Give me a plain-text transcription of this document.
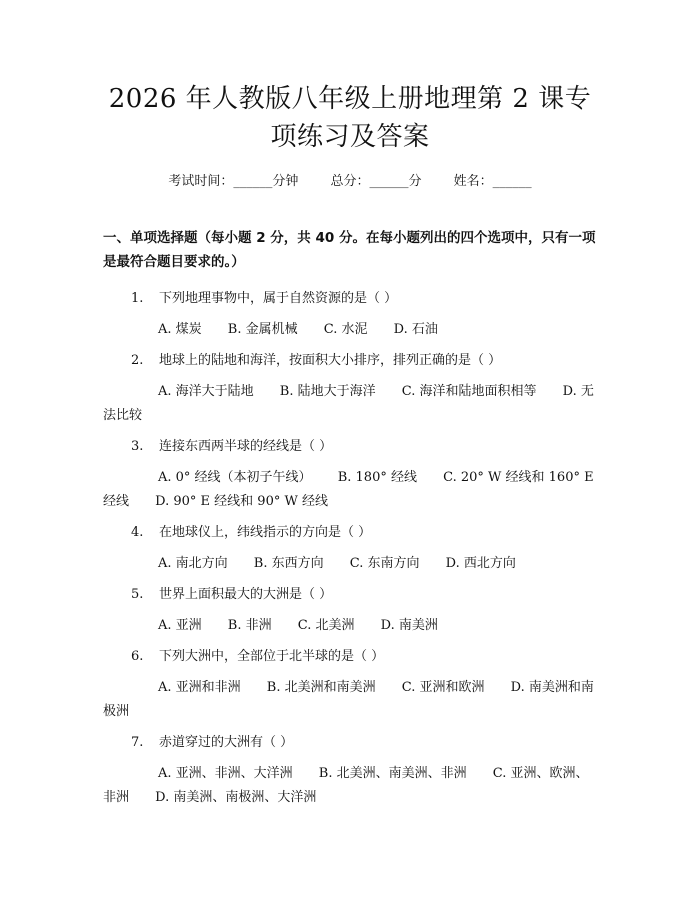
2026 年人教版八年级上册地理第 2 课专项练习及答案
考试时间：______分钟 总分：______分 姓名：______
一、单项选择题（每小题 2 分，共 40 分。在每小题列出的四个选项中，只有一项是最符合题目要求的。）
1. 下列地理事物中，属于自然资源的是（ ）
A. 煤炭 B. 金属机械 C. 水泥 D. 石油
2. 地球上的陆地和海洋，按面积大小排序，排列正确的是（ ）
A. 海洋大于陆地 B. 陆地大于海洋 C. 海洋和陆地面积相等 D. 无法比较
3. 连接东西两半球的经线是（ ）
A. 0° 经线（本初子午线） B. 180° 经线 C. 20° W 经线和 160° E 经线 D. 90° E 经线和 90° W 经线
4. 在地球仪上，纬线指示的方向是（ ）
A. 南北方向 B. 东西方向 C. 东南方向 D. 西北方向
5. 世界上面积最大的大洲是（ ）
A. 亚洲 B. 非洲 C. 北美洲 D. 南美洲
6. 下列大洲中，全部位于北半球的是（ ）
A. 亚洲和非洲 B. 北美洲和南美洲 C. 亚洲和欧洲 D. 南美洲和南极洲
7. 赤道穿过的大洲有（ ）
A. 亚洲、非洲、大洋洲 B. 北美洲、南美洲、非洲 C. 亚洲、欧洲、非洲 D. 南美洲、南极洲、大洋洲
